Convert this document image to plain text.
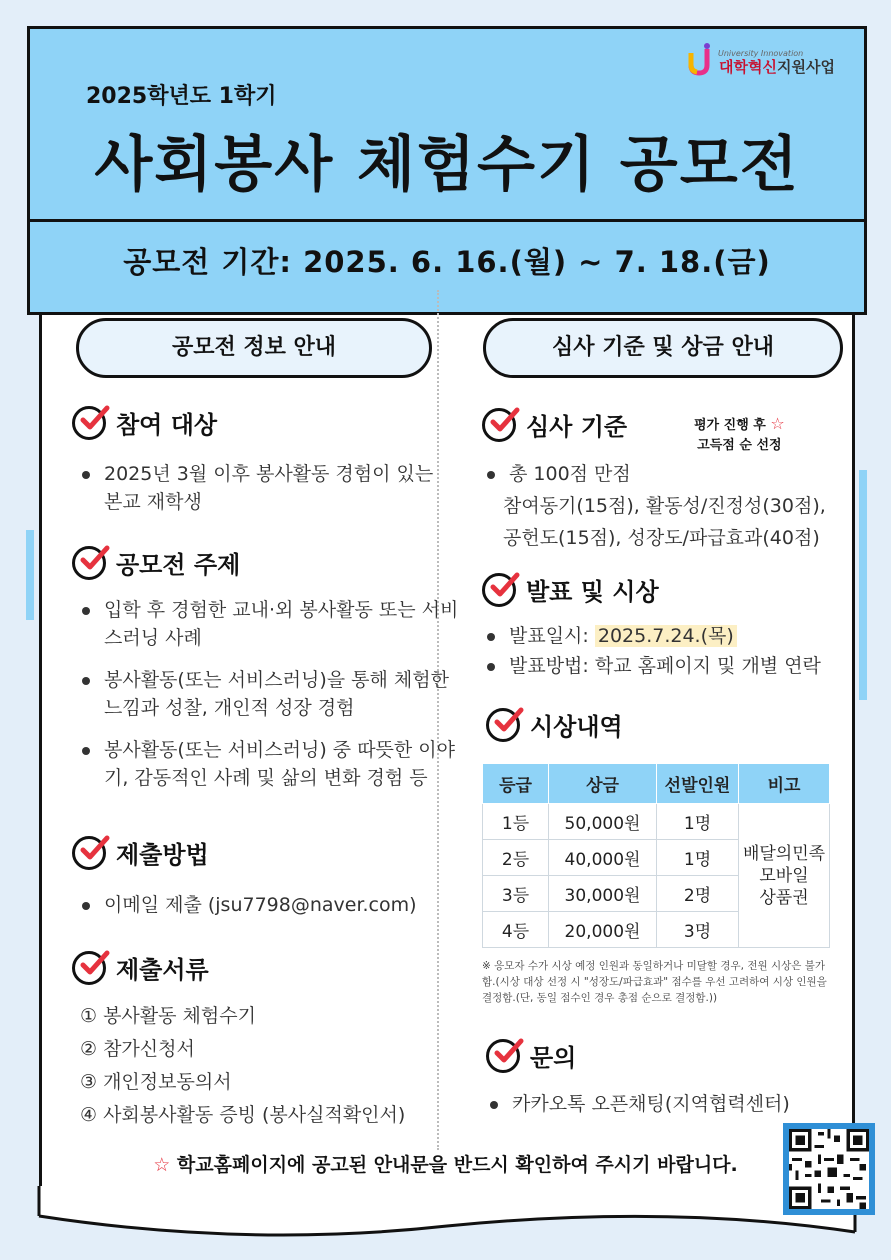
University Innovation
대학혁신지원사업
2025학년도 1학기
사회봉사 체험수기 공모전
공모전 기간: 2025. 6. 16.(월) ~ 7. 18.(금)
공모전 정보 안내
참여 대상
2025년 3월 이후 봉사활동 경험이 있는 본교 재학생
공모전 주제
입학 후 경험한 교내·외 봉사활동 또는 서비스러닝 사례
봉사활동(또는 서비스러닝)을 통해 체험한 느낌과 성찰, 개인적 성장 경험
봉사활동(또는 서비스러닝) 중 따뜻한 이야기, 감동적인 사례 및 삶의 변화 경험 등
제출방법
이메일 제출 (jsu7798@naver.com)
제출서류
① 봉사활동 체험수기
② 참가신청서
③ 개인정보동의서
④ 사회봉사활동 증빙 (봉사실적확인서)
심사 기준 및 상금 안내
심사 기준	평가 진행 후 ☆
고득점 순 선정
총 100점 만점
참여동기(15점), 활동성/진정성(30점),
공헌도(15점), 성장도/파급효과(40점)
발표 및 시상
발표일시: 2025.7.24.(목)
발표방법: 학교 홈페이지 및 개별 연락
시상내역
등급	상금	선발인원	비고
1등	50,000원	1명	배달의민족
모바일
상품권

2등	40,000원	1명	
3등	30,000원	2명	
4등	20,000원	3명	
※ 응모자 수가 시상 예정 인원과 동일하거나 미달할 경우, 전원 시상은 불가함.(시상 대상 선정 시 "성장도/파급효과" 점수를 우선 고려하여 시상 인원을 결정함.(단, 동일 점수인 경우 총점 순으로 결정함.))
문의
카카오톡 오픈채팅(지역협력센터)
☆ 학교홈페이지에 공고된 안내문을 반드시 확인하여 주시기 바랍니다.
